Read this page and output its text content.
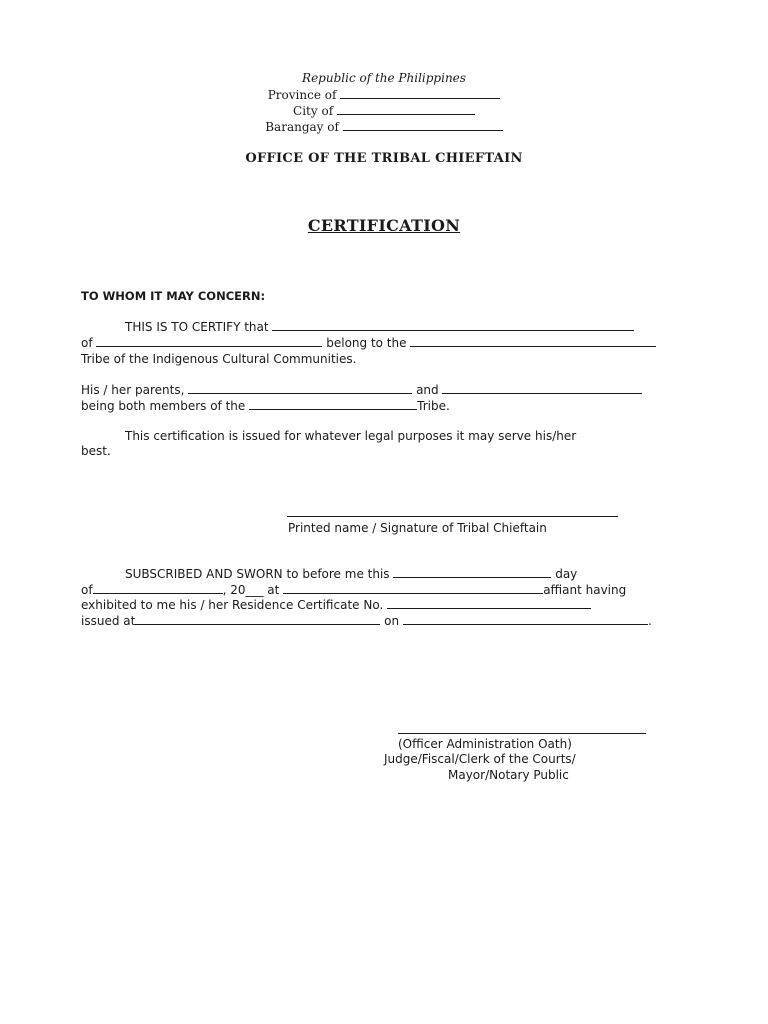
Republic of the Philippines
Province of
City of
Barangay of
OFFICE OF THE TRIBAL CHIEFTAIN
CERTIFICATION
TO WHOM IT MAY CONCERN:
THIS IS TO CERTIFY that
of	belong to the
Tribe of the Indigenous Cultural Communities.
His / her parents,	and
being both members of the	Tribe.
This certification is issued for whatever legal purposes it may serve his/her
best.
Printed name / Signature of Tribal Chieftain
SUBSCRIBED AND SWORN to before me this	day
of	, 20___ at	affiant having
exhibited to me his / her Residence Certificate No.
issued at	on	.
(Officer Administration Oath)
Judge/Fiscal/Clerk of the Courts/
Mayor/Notary Public
